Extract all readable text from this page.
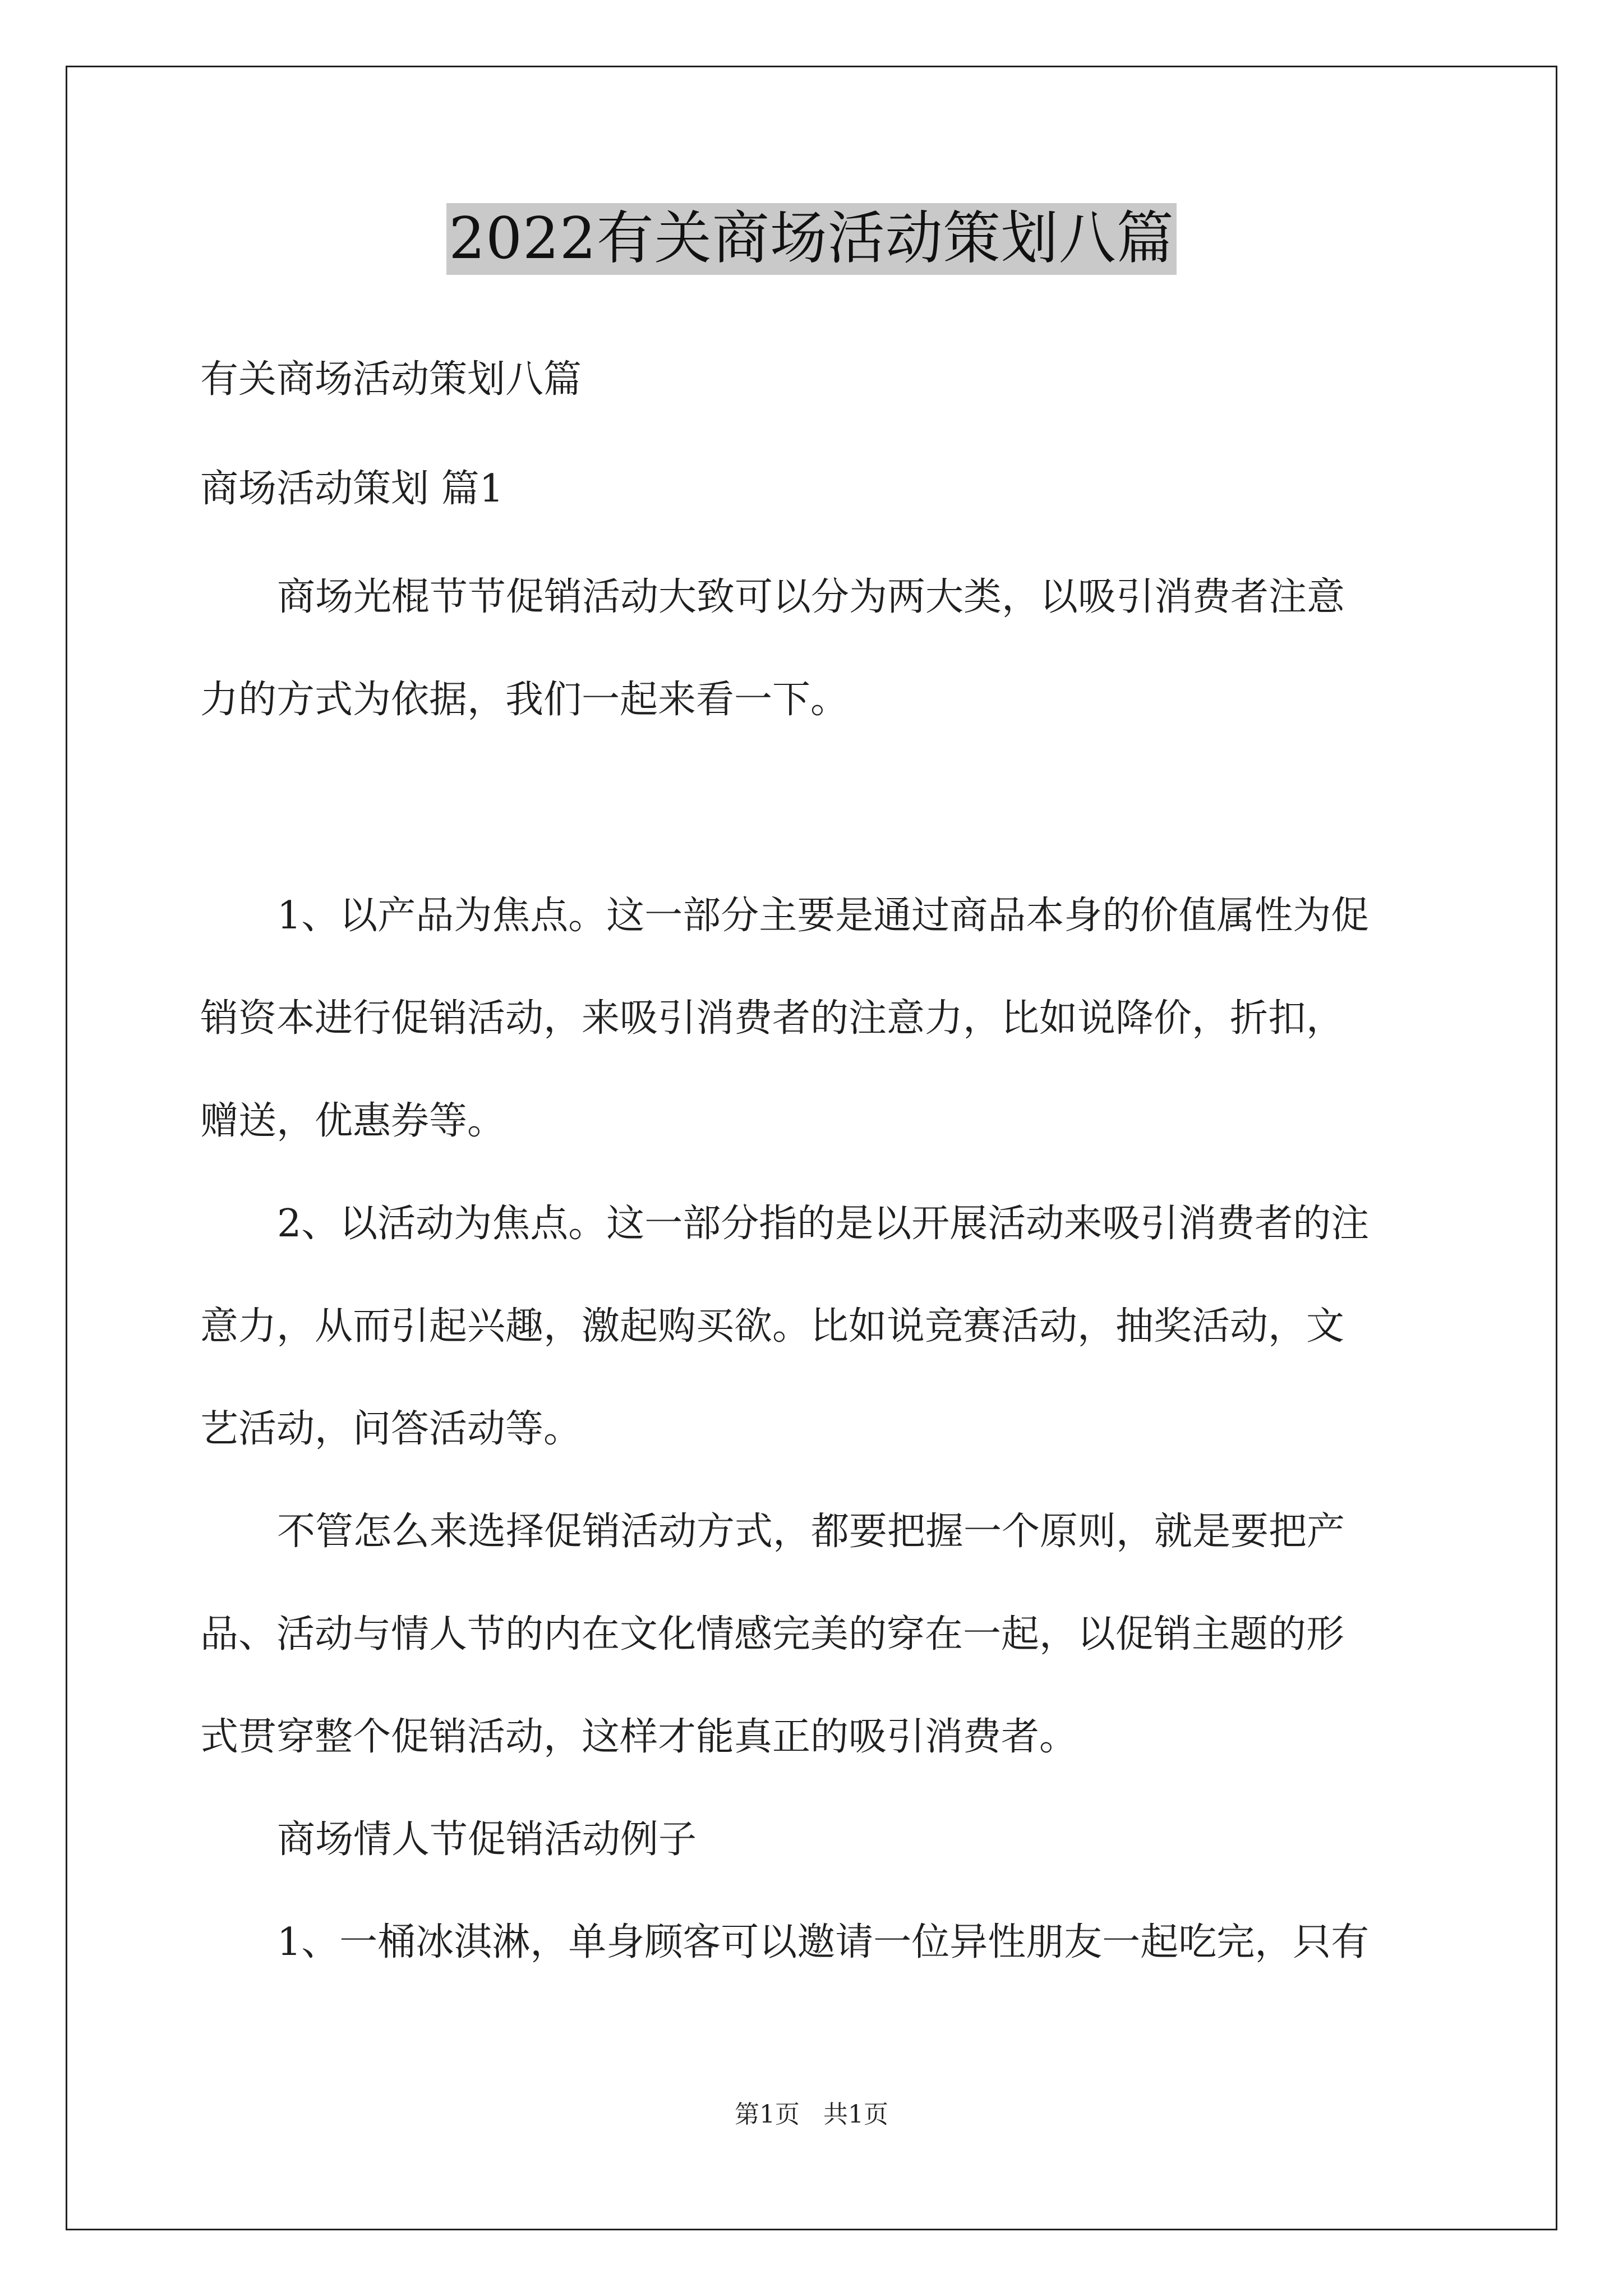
2022有关商场活动策划八篇
有关商场活动策划八篇
商场活动策划 篇1
商场光棍节节促销活动大致可以分为两大类，以吸引消费者注意
力的方式为依据，我们一起来看一下。
1、以产品为焦点。这一部分主要是通过商品本身的价值属性为促
销资本进行促销活动，来吸引消费者的注意力，比如说降价，折扣，
赠送，优惠券等。
2、以活动为焦点。这一部分指的是以开展活动来吸引消费者的注
意力，从而引起兴趣，激起购买欲。比如说竞赛活动，抽奖活动，文
艺活动，问答活动等。
不管怎么来选择促销活动方式，都要把握一个原则，就是要把产
品、活动与情人节的内在文化情感完美的穿在一起，以促销主题的形
式贯穿整个促销活动，这样才能真正的吸引消费者。
商场情人节促销活动例子
1、一桶冰淇淋，单身顾客可以邀请一位异性朋友一起吃完，只有
第1页   共1页
